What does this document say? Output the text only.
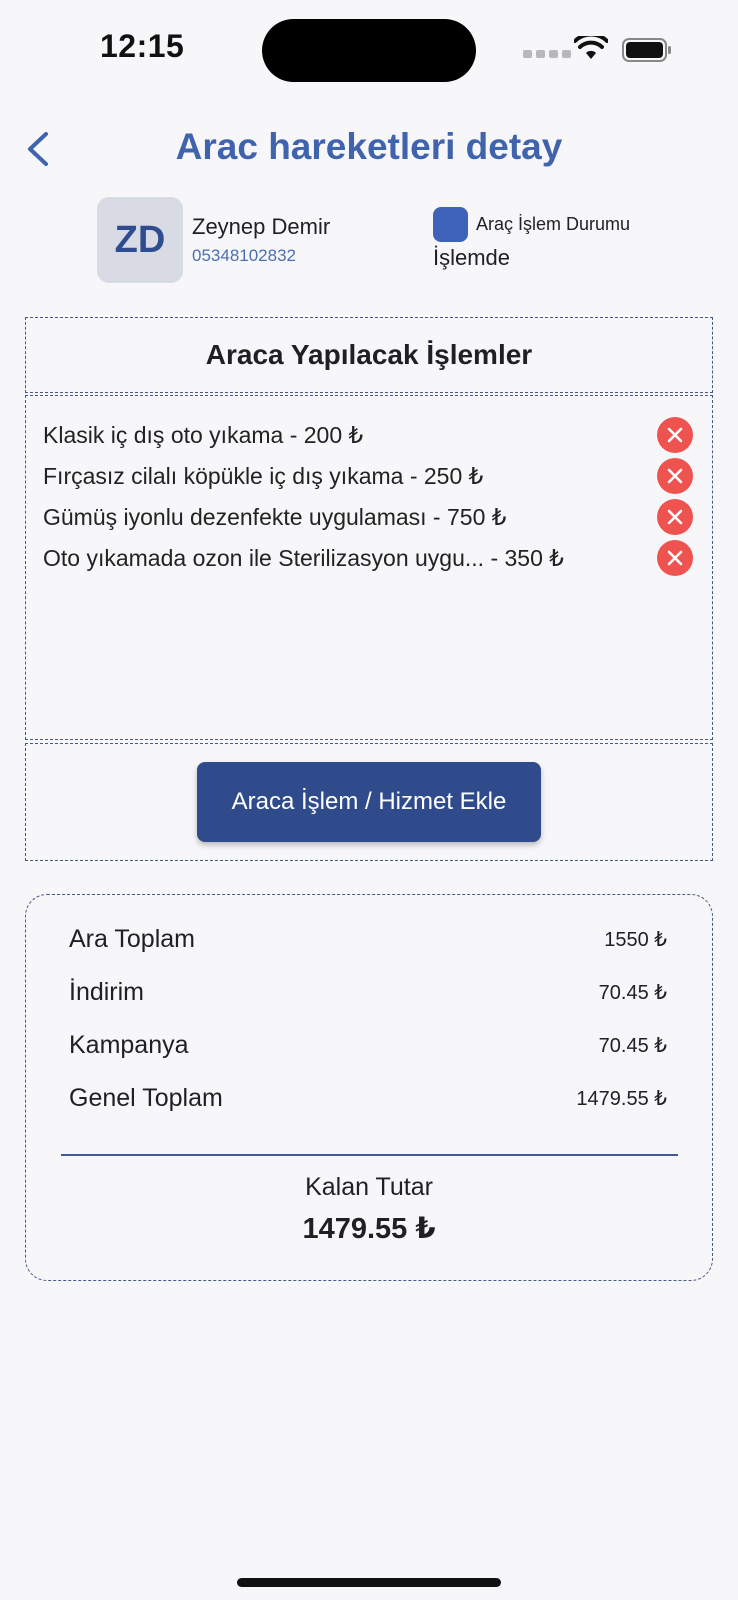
12:15
Arac hareketleri detay
ZD	Zeynep Demir
05348102832
Araç İşlem Durumu
İşlemde
Araca Yapılacak İşlemler
Klasik iç dış oto yıkama - 200 ₺
Fırçasız cilalı köpükle iç dış yıkama - 250 ₺
Gümüş iyonlu dezenfekte uygulaması - 750 ₺
Oto yıkamada ozon ile Sterilizasyon uygu... - 350 ₺
Araca İşlem / Hizmet Ekle
Ara Toplam	1550 ₺
İndirim	70.45 ₺
Kampanya	70.45 ₺
Genel Toplam	1479.55 ₺
Kalan Tutar
1479.55 ₺
